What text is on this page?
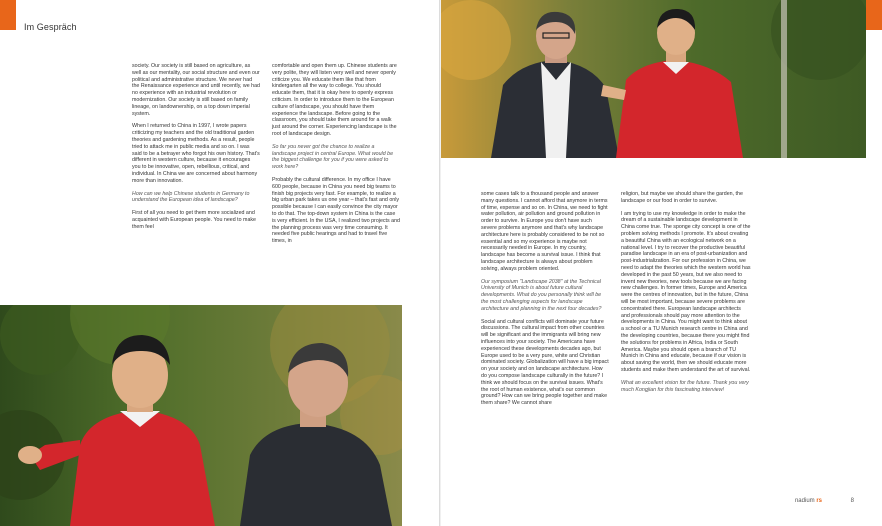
Im Gespräch

society. Our society is still based on agriculture, as well as our mentality, our social structure and even our political and administrative structure. We never had the Renaissance experience and until recently, we had no experience with an industrial revolution or modernization. Our society is still based on family lineage, on landownership, on a top down imperial system.

When I returned to China in 1997, I wrote papers criticizing my teachers and the old traditional garden theories and gardening methods. As a result, people tried to attack me in public media and so on. I was said to be a betrayer who forgot his own history. That's different in western culture, because it encourages you to be innovative, open, rebellious, critical, and individual. In China we are concerned about harmony more than innovation.

How can we help Chinese students in Germany to understand the European idea of landscape?

First of all you need to get them more socialized and acquainted with European people. You need to make them feel

comfortable and open them up. Chinese students are very polite, they will listen very well and never openly criticize you. We educate them like that from kindergarten all the way to college. You should educate them, that it is okay here to openly express criticism. In order to introduce them to the European culture of landscape, you should have them experience the landscape. Before going to the classroom, you should take them around for a walk just around the corner. Experiencing landscape is the root of landscape design.

So far you never got the chance to realize a landscape project in central Europe. What would be the biggest challenge for you if you were asked to work here?

Probably the cultural difference. In my office I have 600 people, because in China you need big teams to finish big projects very fast. For example, to realize a big urban park takes us one year – that's fast and only possible because I can easily convince the city mayor to do that. The top-down system in China is the case is very efficient. In the USA, I realized two projects and the planning process was very time consuming. It needed five public hearings and had to travel five times, in

some cases talk to a thousand people and answer many questions. I cannot afford that anymore in terms of time, expense and so on. In China, we need to fight water pollution, air pollution and ground pollution in order to survive. In Europe you don't have such severe problems anymore and that's why landscape architecture here is probably considered to be not so essential and so my experience is maybe not necessarily needed in Europe. In my country, landscape has become a survival issue. I think that landscape architecture is always about problem solving, always problem oriented.

Our symposium "Landscape 2038" at the Technical University of Munich is about future cultural developments. What do you personally think will be the most challenging aspects for landscape architecture and planning in the next four decades?

Social and cultural conflicts will dominate your future discussions. The cultural impact from other countries will be significant and the immigrants will bring new influences into your society. The Americans have experienced these developments decades ago, but Europe used to be a very pure, white and Christian dominated society. Globalization will have a big impact on your society and on landscape architecture. How do you compose landscape culturally in the future? I think we should focus on the survival issues. What's the root of human existence, what's our common ground? How can we bring people together and make them share? We cannot share

religion, but maybe we should share the garden, the landscape or our food in order to survive.

I am trying to use my knowledge in order to make the dream of a sustainable landscape development in China come true. The sponge city concept is one of the problem solving methods I promote. It's about creating a beautiful China with an ecological network on a national level. I try to recover the productive beautiful paradise landscape in an era of post-urbanization and post-industrialization. For our profession in China, we need to adapt the theories which the western world has developed in the past 50 years, but we also need to invent new theories, new tools because we are facing new challenges. In former times, Europe and America were the centres of innovation, but in the future, China will be most important, because severe problems are concentrated there. European landscape architects and professionals should pay more attention to the developments in China. You might want to think about a school or a TU Munich research centre in China and the developing countries, because there you might find the solutions for problems in Africa, India or South America. Maybe you should open a branch of TU Munich in China and educate, because if our vision is about saving the world, then we should educate more students and make them understand the art of survival.

What an excellent vision for the future. Thank you very much Kongjian for this fascinating interview!

nadium rs	8
